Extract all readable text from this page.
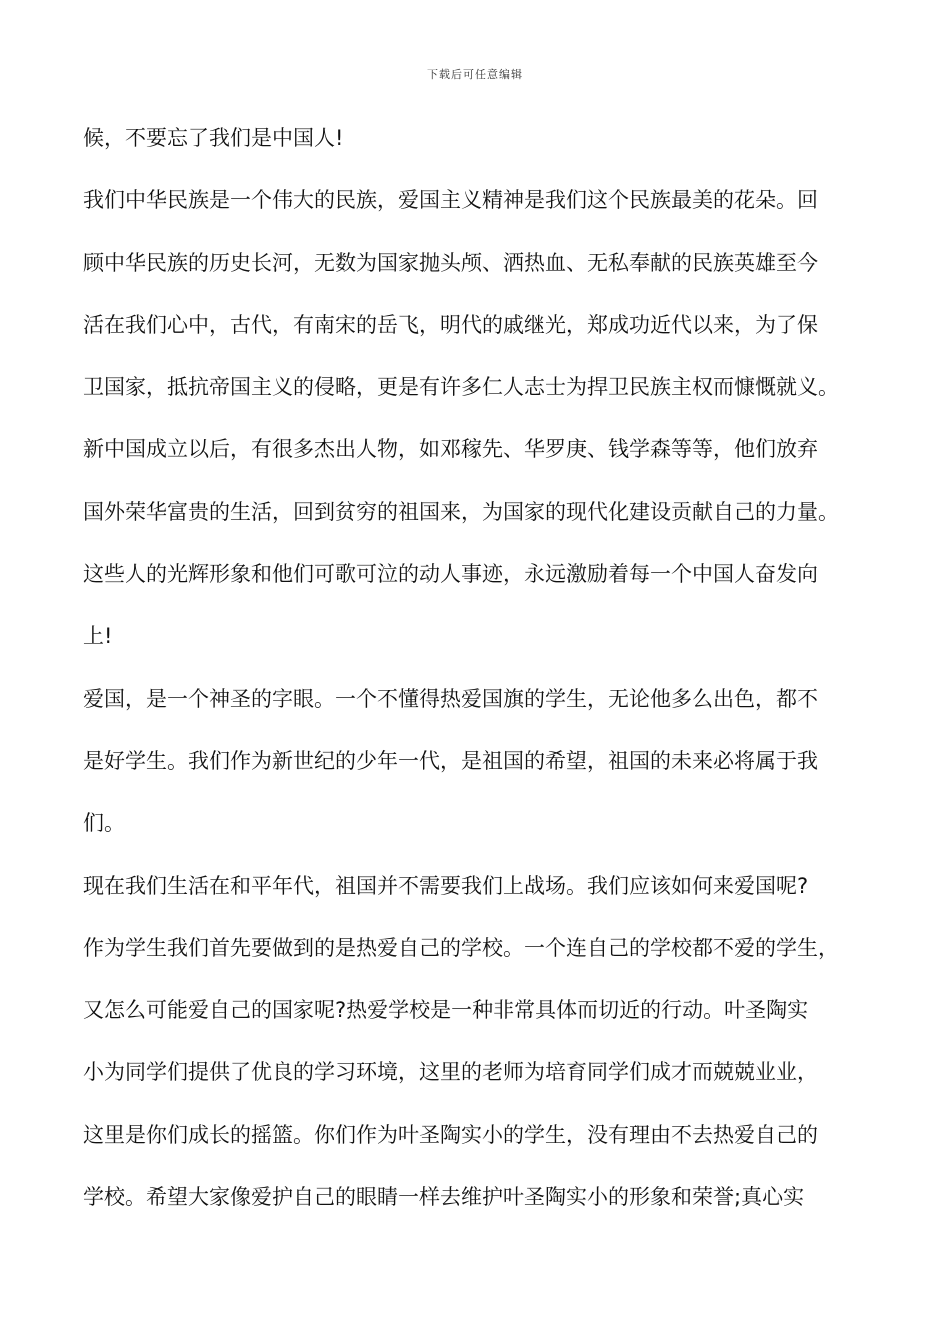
下载后可任意编辑
候，不要忘了我们是中国人!
我们中华民族是一个伟大的民族，爱国主义精神是我们这个民族最美的花朵。回
顾中华民族的历史长河，无数为国家抛头颅、洒热血、无私奉献的民族英雄至今
活在我们心中，古代，有南宋的岳飞，明代的戚继光，郑成功近代以来，为了保
卫国家，抵抗帝国主义的侵略，更是有许多仁人志士为捍卫民族主权而慷慨就义。
新中国成立以后，有很多杰出人物，如邓稼先、华罗庚、钱学森等等，他们放弃
国外荣华富贵的生活，回到贫穷的祖国来，为国家的现代化建设贡献自己的力量。
这些人的光辉形象和他们可歌可泣的动人事迹，永远激励着每一个中国人奋发向
上!
爱国，是一个神圣的字眼。一个不懂得热爱国旗的学生，无论他多么出色，都不
是好学生。我们作为新世纪的少年一代，是祖国的希望，祖国的未来必将属于我
们。
现在我们生活在和平年代，祖国并不需要我们上战场。我们应该如何来爱国呢?
作为学生我们首先要做到的是热爱自己的学校。一个连自己的学校都不爱的学生，
又怎么可能爱自己的国家呢?热爱学校是一种非常具体而切近的行动。叶圣陶实
小为同学们提供了优良的学习环境，这里的老师为培育同学们成才而兢兢业业，
这里是你们成长的摇篮。你们作为叶圣陶实小的学生，没有理由不去热爱自己的
学校。希望大家像爱护自己的眼睛一样去维护叶圣陶实小的形象和荣誉;真心实
